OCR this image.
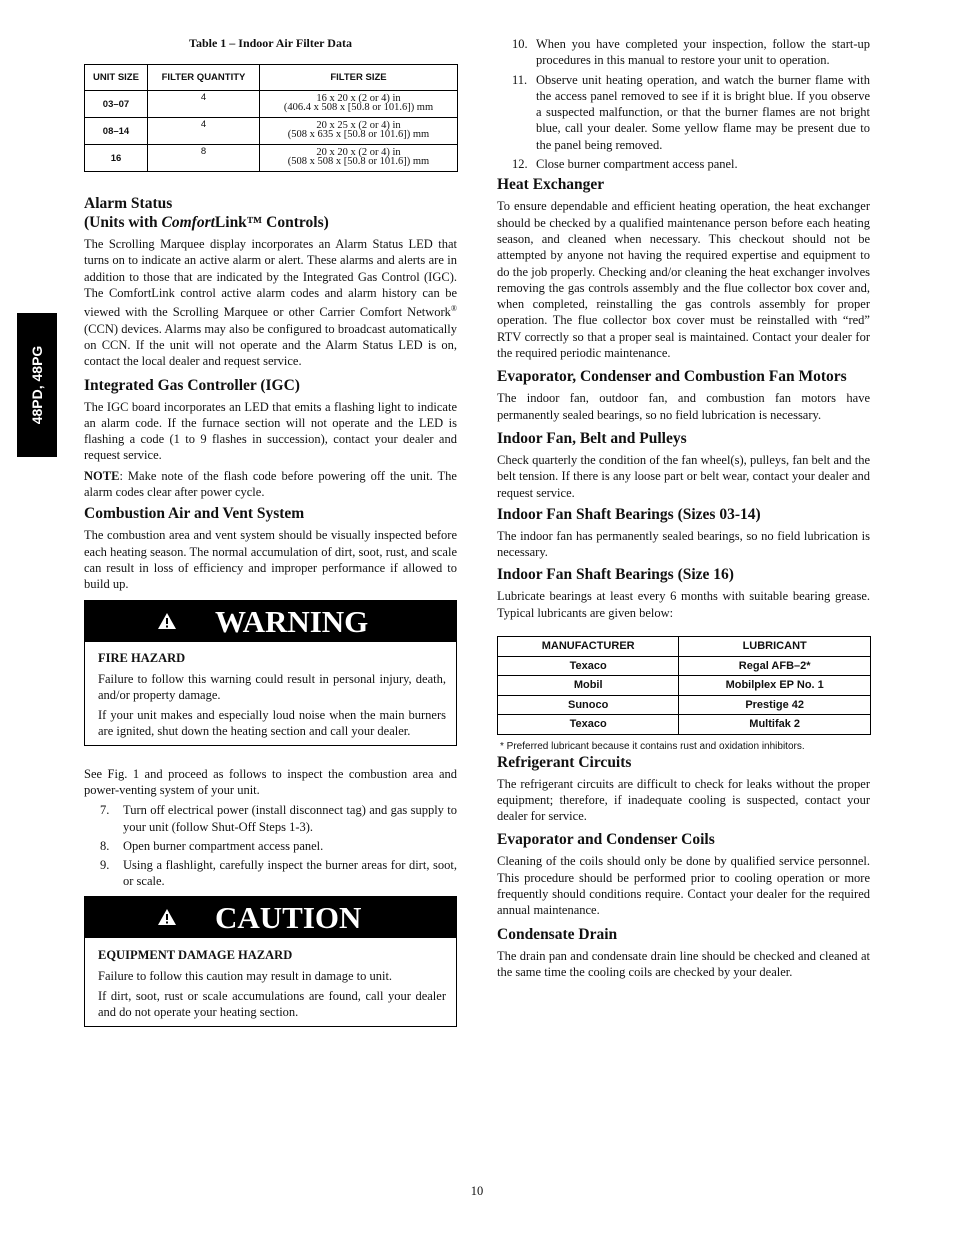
48PD, 48PG
Table 1 – Indoor Air Filter Data
UNIT SIZE	FILTER QUANTITY	FILTER SIZE
03–07	4	16 x 20 x (2 or 4) in
(406.4 x 508 x [50.8 or 101.6]) mm

08–14	4	20 x 25 x (2 or 4) in
(508 x 635 x [50.8 or 101.6]) mm

16	8	20 x 20 x (2 or 4) in
(508 x 508 x [50.8 or 101.6]) mm
Alarm Status
(Units with ComfortLink™ Controls)

The Scrolling Marquee display incorporates an Alarm Status LED that turns on to indicate an active alarm or alert. These alarms and alerts are in addition to those that are indicated by the Integrated Gas Control (IGC). The ComfortLink control active alarm codes and alarm history can be viewed with the Scrolling Marquee or other Carrier Comfort Network® (CCN) devices. Alarms may also be configured to broadcast automatically on CCN. If the unit will not operate and the Alarm Status LED is on, contact the local dealer and request service.

Integrated Gas Controller (IGC)

The IGC board incorporates an LED that emits a flashing light to indicate an alarm code. If the furnace section will not operate and the LED is flashing a code (1 to 9 flashes in succession), contact your dealer and request service.

NOTE: Make note of the flash code before powering off the unit. The alarm codes clear after power cycle.

Combustion Air and Vent System

The combustion area and vent system should be visually inspected before each heating season. The normal accumulation of dirt, soot, rust, and scale can result in loss of efficiency and improper performance if allowed to build up.

WARNING
FIRE HAZARD

Failure to follow this warning could result in personal injury, death, and/or property damage.

If your unit makes and especially loud noise when the main burners are ignited, shut down the heating section and call your dealer.

See Fig. 1 and proceed as follows to inspect the combustion area and power-venting system of your unit.

7. Turn off electrical power (install disconnect tag) and gas supply to your unit (follow Shut-Off Steps 1-3).
8. Open burner compartment access panel.
9. Using a flashlight, carefully inspect the burner areas for dirt, soot, or scale.
CAUTION
EQUIPMENT DAMAGE HAZARD

Failure to follow this caution may result in damage to unit.

If dirt, soot, rust or scale accumulations are found, call your dealer and do not operate your heating section.

10. When you have completed your inspection, follow the start-up procedures in this manual to restore your unit to operation.
11. Observe unit heating operation, and watch the burner flame with the access panel removed to see if it is bright blue. If you observe a suspected malfunction, or that the burner flames are not bright blue, call your dealer. Some yellow flame may be present due to the panel being removed.
12. Close burner compartment access panel.
Heat Exchanger

To ensure dependable and efficient heating operation, the heat exchanger should be checked by a qualified maintenance person before each heating season, and cleaned when necessary. This checkout should not be attempted by anyone not having the required expertise and equipment to do the job properly. Checking and/or cleaning the heat exchanger involves removing the gas controls assembly and the flue collector box cover and, when completed, reinstalling the gas controls assembly for proper operation. The flue collector box cover must be reinstalled with “red” RTV correctly so that a proper seal is maintained. Contact your dealer for the required periodic maintenance.

Evaporator, Condenser and Combustion Fan Motors

The indoor fan, outdoor fan, and combustion fan motors have permanently sealed bearings, so no field lubrication is necessary.

Indoor Fan, Belt and Pulleys

Check quarterly the condition of the fan wheel(s), pulleys, fan belt and the belt tension. If there is any loose part or belt wear, contact your dealer and request service.

Indoor Fan Shaft Bearings (Sizes 03-14)

The indoor fan has permanently sealed bearings, so no field lubrication is necessary.

Indoor Fan Shaft Bearings (Size 16)

Lubricate bearings at least every 6 months with suitable bearing grease. Typical lubricants are given below:

MANUFACTURER	LUBRICANT
Texaco	Regal AFB–2*
Mobil	Mobilplex EP No. 1
Sunoco	Prestige 42
Texaco	Multifak 2
* Preferred lubricant because it contains rust and oxidation inhibitors.
Refrigerant Circuits

The refrigerant circuits are difficult to check for leaks without the proper equipment; therefore, if inadequate cooling is suspected, contact your dealer for service.

Evaporator and Condenser Coils

Cleaning of the coils should only be done by qualified service personnel. This procedure should be performed prior to cooling operation or more frequently should conditions require. Contact your dealer for the required annual maintenance.

Condensate Drain

The drain pan and condensate drain line should be checked and cleaned at the same time the cooling coils are checked by your dealer.

10
